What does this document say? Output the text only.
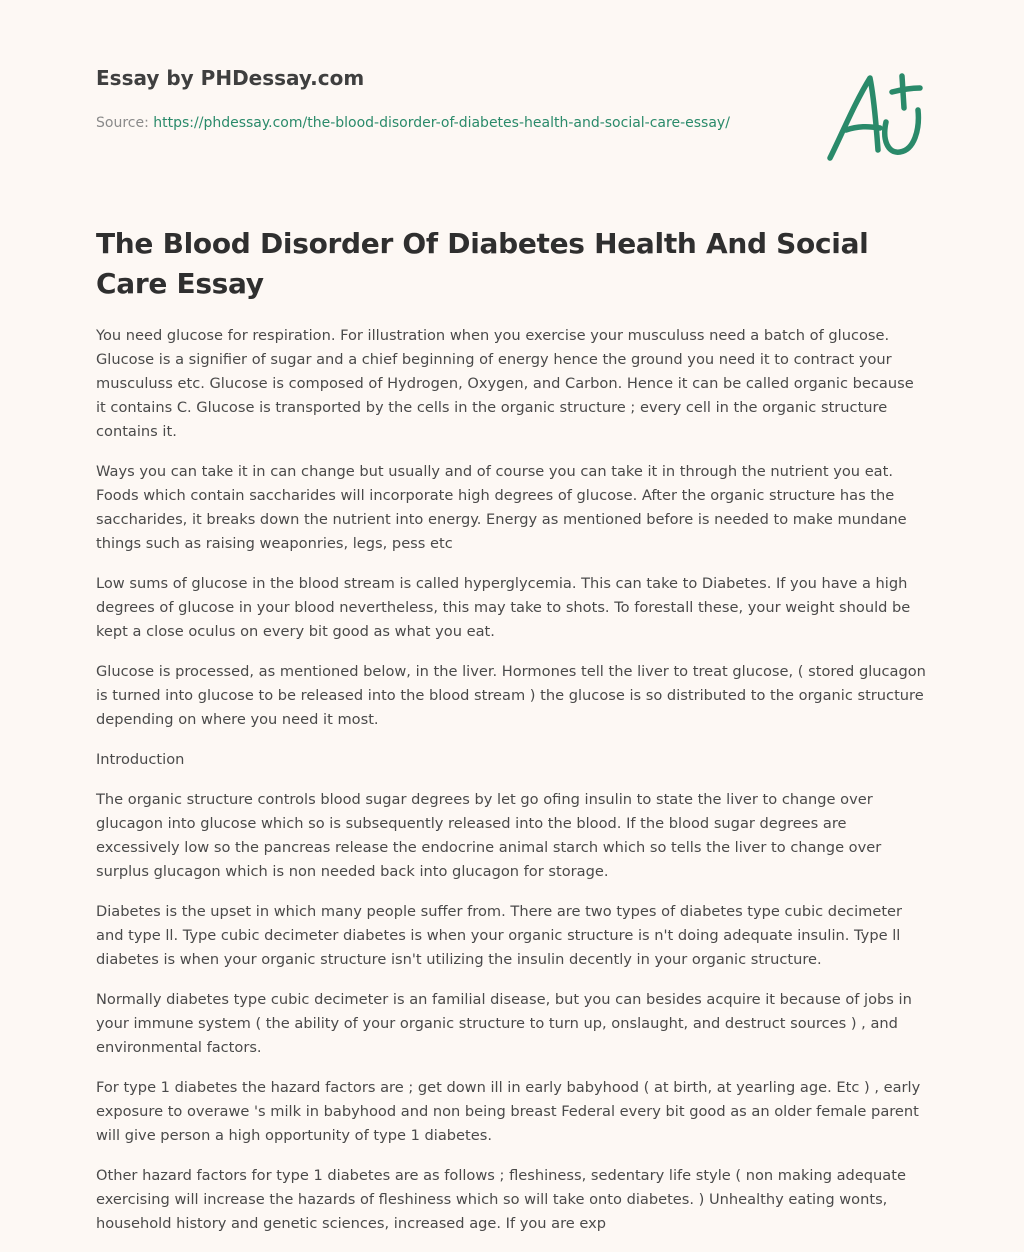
Essay by PHDessay.com
Source: https://phdessay.com/the-blood-disorder-of-diabetes-health-and-social-care-essay/
The Blood Disorder Of Diabetes Health And Social Care Essay

You need glucose for respiration. For illustration when you exercise your musculuss need a batch of glucose. Glucose is a signifier of sugar and a chief beginning of energy hence the ground you need it to contract your musculuss etc. Glucose is composed of Hydrogen, Oxygen, and Carbon. Hence it can be called organic because it contains C. Glucose is transported by the cells in the organic structure ; every cell in the organic structure contains it.

Ways you can take it in can change but usually and of course you can take it in through the nutrient you eat. Foods which contain saccharides will incorporate high degrees of glucose. After the organic structure has the saccharides, it breaks down the nutrient into energy. Energy as mentioned before is needed to make mundane things such as raising weaponries, legs, pess etc

Low sums of glucose in the blood stream is called hyperglycemia. This can take to Diabetes. If you have a high degrees of glucose in your blood nevertheless, this may take to shots. To forestall these, your weight should be kept a close oculus on every bit good as what you eat.

Glucose is processed, as mentioned below, in the liver. Hormones tell the liver to treat glucose, ( stored glucagon is turned into glucose to be released into the blood stream ) the glucose is so distributed to the organic structure depending on where you need it most.

Introduction

The organic structure controls blood sugar degrees by let go ofing insulin to state the liver to change over glucagon into glucose which so is subsequently released into the blood. If the blood sugar degrees are excessively low so the pancreas release the endocrine animal starch which so tells the liver to change over surplus glucagon which is non needed back into glucagon for storage.

Diabetes is the upset in which many people suffer from. There are two types of diabetes type cubic decimeter and type ll. Type cubic decimeter diabetes is when your organic structure is n't doing adequate insulin. Type ll diabetes is when your organic structure isn't utilizing the insulin decently in your organic structure.

Normally diabetes type cubic decimeter is an familial disease, but you can besides acquire it because of jobs in your immune system ( the ability of your organic structure to turn up, onslaught, and destruct sources ) , and environmental factors.

For type 1 diabetes the hazard factors are ; get down ill in early babyhood ( at birth, at yearling age. Etc ) , early exposure to overawe 's milk in babyhood and non being breast Federal every bit good as an older female parent will give person a high opportunity of type 1 diabetes.

Other hazard factors for type 1 diabetes are as follows ; fleshiness, sedentary life style ( non making adequate exercising will increase the hazards of fleshiness which so will take onto diabetes. ) Unhealthy eating wonts, household history and genetic sciences, increased age. If you are exp
